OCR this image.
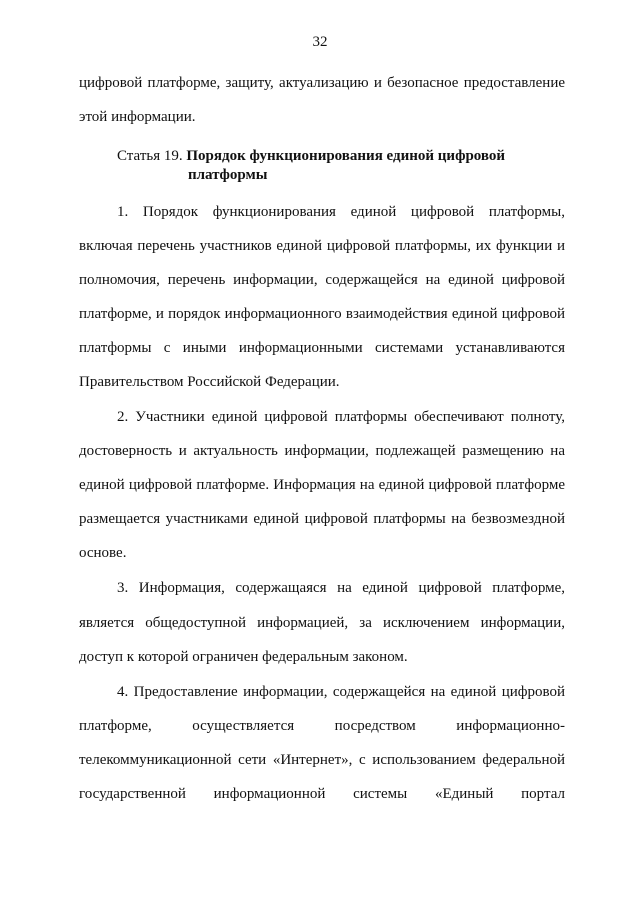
32
цифровой платформе, защиту, актуализацию и безопасное предоставление
этой информации.
Статья 19. Порядок функционирования единой цифровой
платформы
1. Порядок функционирования единой цифровой платформы,
включая перечень участников единой цифровой платформы, их функции и
полномочия, перечень информации, содержащейся на единой цифровой
платформе, и порядок информационного взаимодействия единой цифровой
платформы с иными информационными системами устанавливаются
Правительством Российской Федерации.
2. Участники единой цифровой платформы обеспечивают полноту,
достоверность и актуальность информации, подлежащей размещению на
единой цифровой платформе. Информация на единой цифровой платформе
размещается участниками единой цифровой платформы на безвозмездной
основе.
3. Информация, содержащаяся на единой цифровой платформе,
является общедоступной информацией, за исключением информации,
доступ к которой ограничен федеральным законом.
4. Предоставление информации, содержащейся на единой цифровой
платформе, осуществляется посредством информационно-
телекоммуникационной сети «Интернет», с использованием федеральной
государственной информационной системы «Единый портал
